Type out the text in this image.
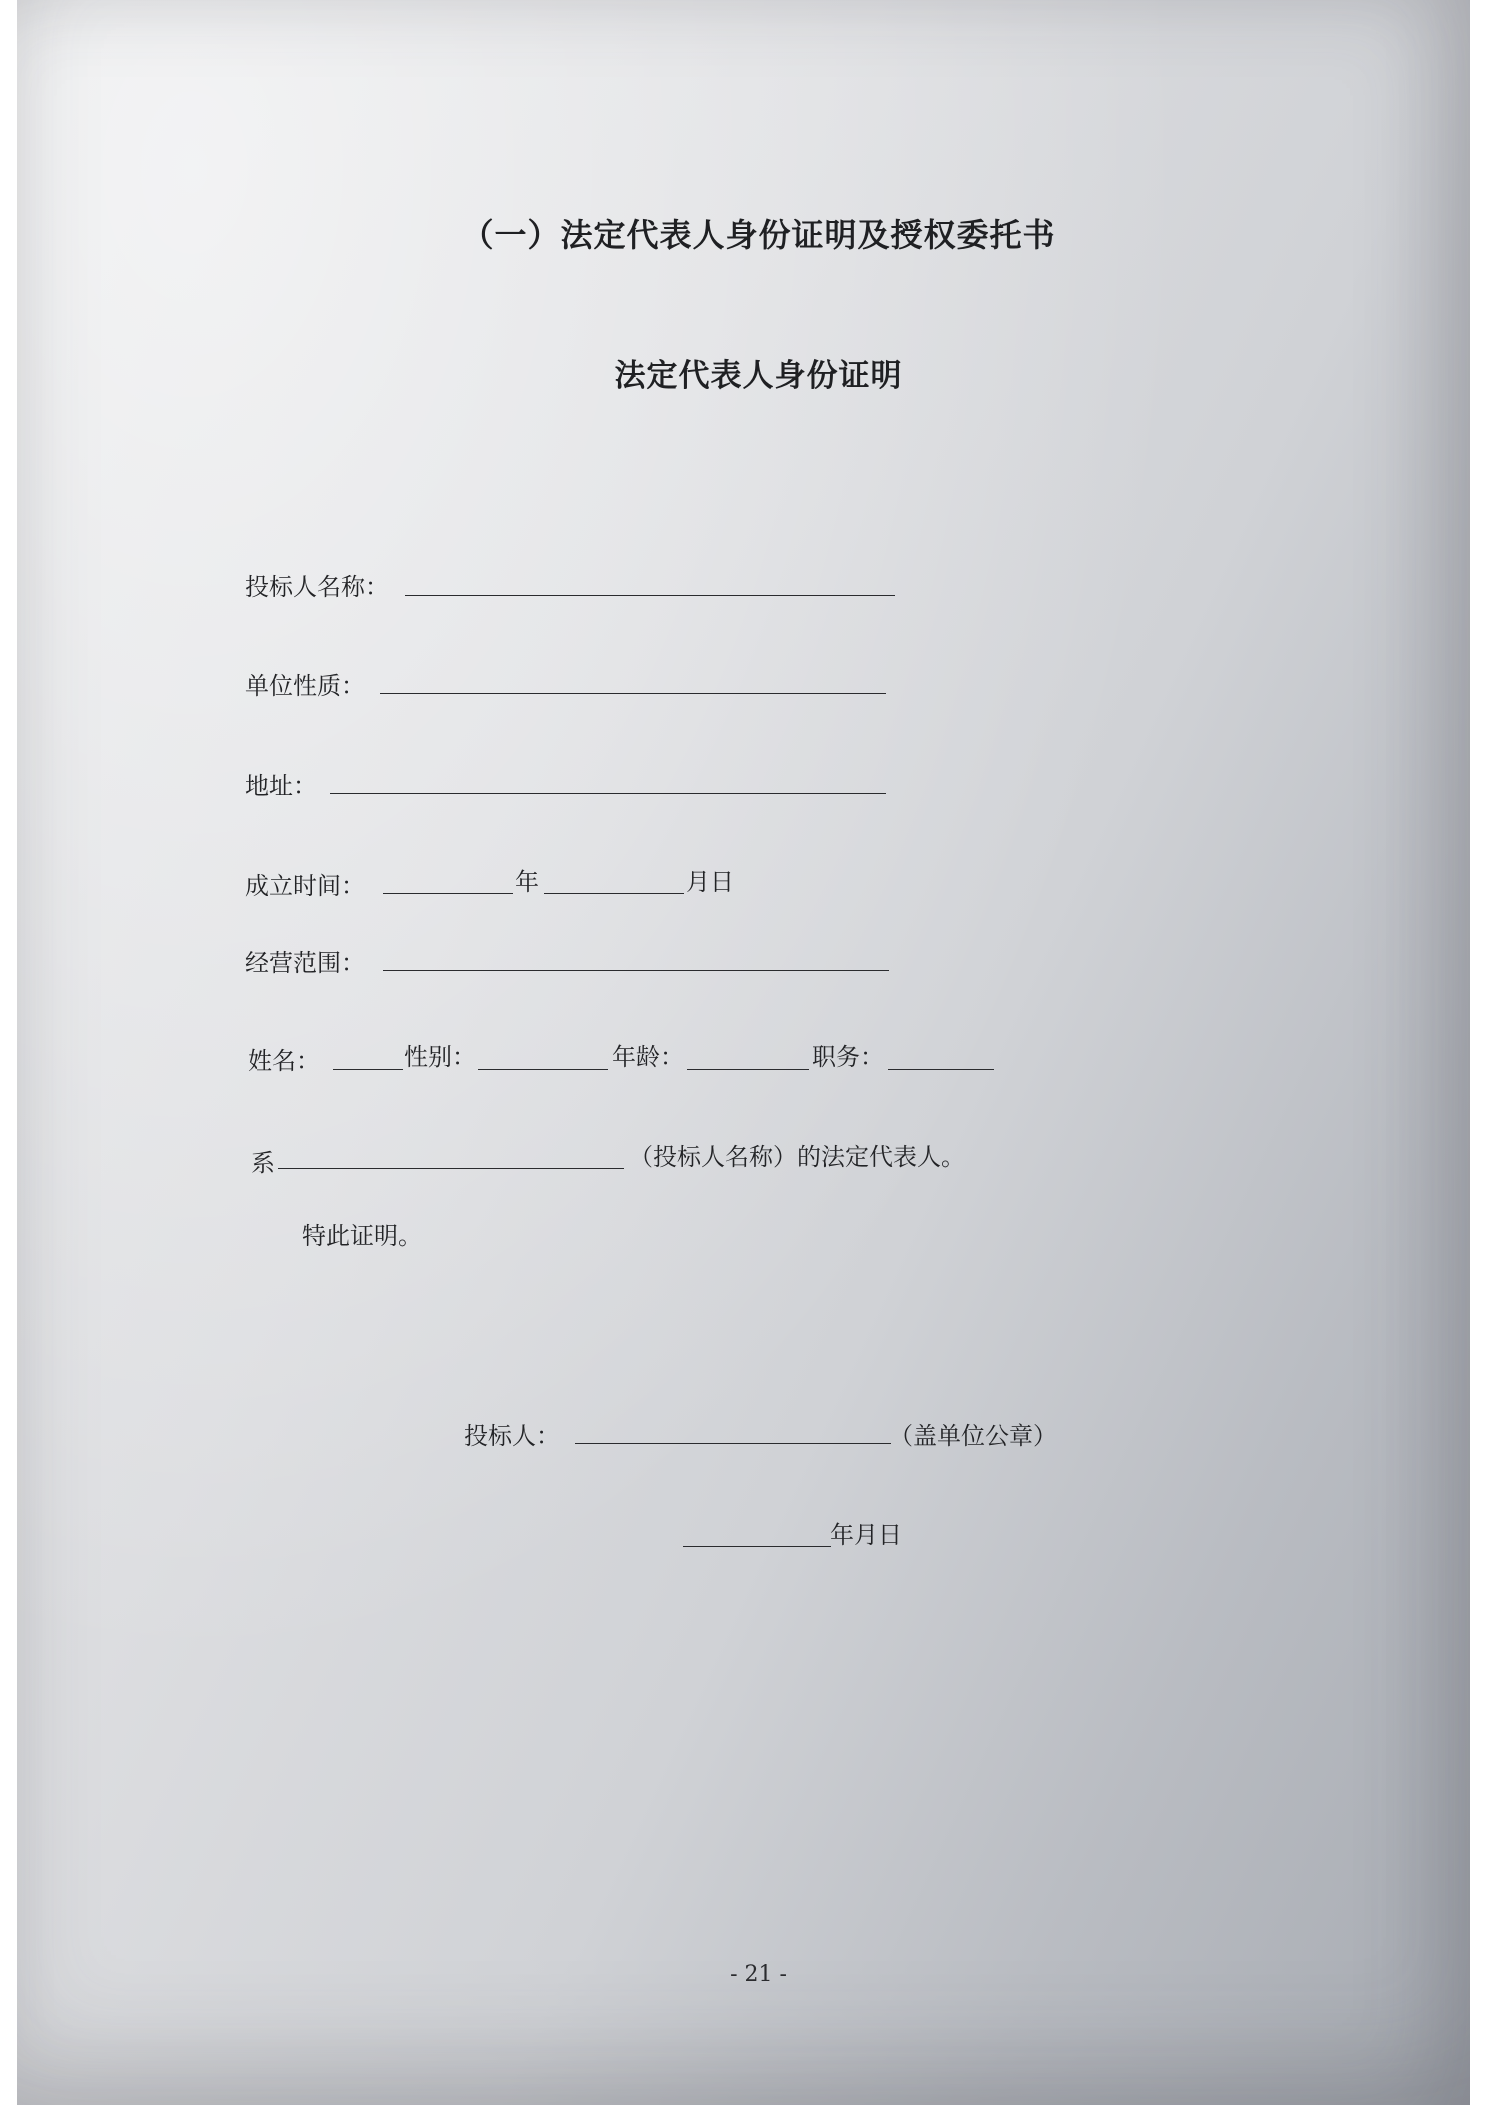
（一）法定代表人身份证明及授权委托书
法定代表人身份证明
投标人名称：
单位性质：
地址：
成立时间：	年	月日
经营范围：
姓名：	性别：	年龄：	职务：
系	（投标人名称）的法定代表人。
特此证明。
投标人：	（盖单位公章）
年月日
- 21 -
